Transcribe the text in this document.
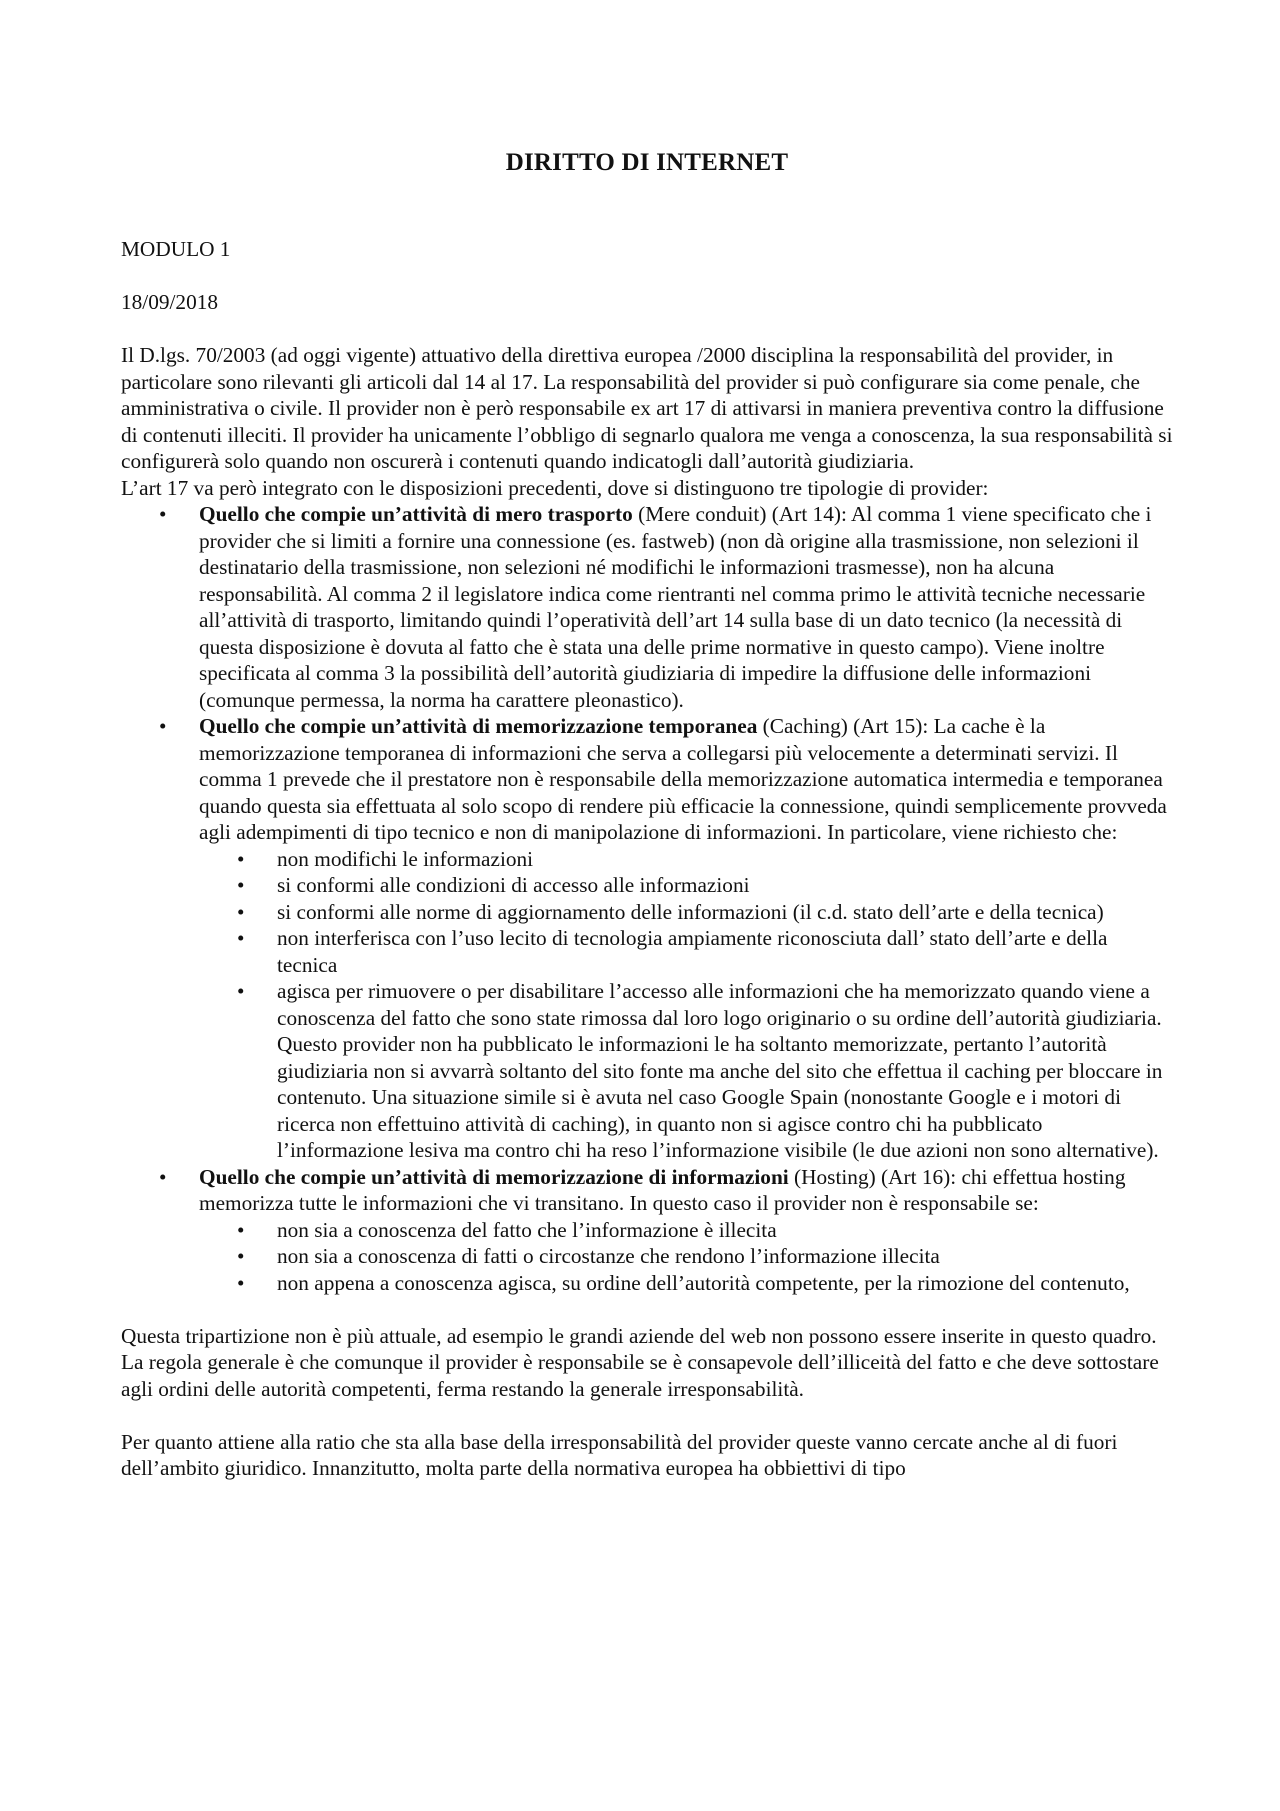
DIRITTO DI INTERNET

MODULO 1

18/09/2018

Il D.lgs. 70/2003 (ad oggi vigente) attuativo della direttiva europea /2000 disciplina la responsabilità del provider, in particolare sono rilevanti gli articoli dal 14 al 17. La responsabilità del provider si può configurare sia come penale, che amministrativa o civile. Il provider non è però responsabile ex art 17 di attivarsi in maniera preventiva contro la diffusione di contenuti illeciti. Il provider ha unicamente l’obbligo di segnarlo qualora me venga a conoscenza, la sua responsabilità si configurerà solo quando non oscurerà i contenuti quando indicatogli dall’autorità giudiziaria.

L’art 17 va però integrato con le disposizioni precedenti, dove si distinguono tre tipologie di provider:

• Quello che compie un’attività di mero trasporto (Mere conduit) (Art 14): Al comma 1 viene specificato che i provider che si limiti a fornire una connessione (es. fastweb) (non dà origine alla trasmissione, non selezioni il destinatario della trasmissione, non selezioni né modifichi le informazioni trasmesse), non ha alcuna responsabilità. Al comma 2 il legislatore indica come rientranti nel comma primo le attività tecniche necessarie all’attività di trasporto, limitando quindi l’operatività dell’art 14 sulla base di un dato tecnico (la necessità di questa disposizione è dovuta al fatto che è stata una delle prime normative in questo campo). Viene inoltre specificata al comma 3 la possibilità dell’autorità giudiziaria di impedire la diffusione delle informazioni (comunque permessa, la norma ha carattere pleonastico).
• Quello che compie un’attività di memorizzazione temporanea (Caching) (Art 15): La cache è la memorizzazione temporanea di informazioni che serva a collegarsi più velocemente a determinati servizi. Il comma 1 prevede che il prestatore non è responsabile della memorizzazione automatica intermedia e temporanea quando questa sia effettuata al solo scopo di rendere più efficacie la connessione, quindi semplicemente provveda agli adempimenti di tipo tecnico e non di manipolazione di informazioni. In particolare, viene richiesto che:
• non modifichi le informazioni
• si conformi alle condizioni di accesso alle informazioni
• si conformi alle norme di aggiornamento delle informazioni (il c.d. stato dell’arte e della tecnica)
• non interferisca con l’uso lecito di tecnologia ampiamente riconosciuta dall’ stato dell’arte e della tecnica
• agisca per rimuovere o per disabilitare l’accesso alle informazioni che ha memorizzato quando viene a conoscenza del fatto che sono state rimossa dal loro logo originario o su ordine dell’autorità giudiziaria. Questo provider non ha pubblicato le informazioni le ha soltanto memorizzate, pertanto l’autorità giudiziaria non si avvarrà soltanto del sito fonte ma anche del sito che effettua il caching per bloccare in contenuto. Una situazione simile si è avuta nel caso Google Spain (nonostante Google e i motori di ricerca non effettuino attività di caching), in quanto non si agisce contro chi ha pubblicato l’informazione lesiva ma contro chi ha reso l’informazione visibile (le due azioni non sono alternative).
• Quello che compie un’attività di memorizzazione di informazioni (Hosting) (Art 16): chi effettua hosting memorizza tutte le informazioni che vi transitano. In questo caso il provider non è responsabile se:
• non sia a conoscenza del fatto che l’informazione è illecita
• non sia a conoscenza di fatti o circostanze che rendono l’informazione illecita
• non appena a conoscenza agisca, su ordine dell’autorità competente, per la rimozione del contenuto,

Questa tripartizione non è più attuale, ad esempio le grandi aziende del web non possono essere inserite in questo quadro.

La regola generale è che comunque il provider è responsabile se è consapevole dell’illiceità del fatto e che deve sottostare agli ordini delle autorità competenti, ferma restando la generale irresponsabilità.

Per quanto attiene alla ratio che sta alla base della irresponsabilità del provider queste vanno cercate anche al di fuori dell’ambito giuridico. Innanzitutto, molta parte della normativa europea ha obbiettivi di tipo
